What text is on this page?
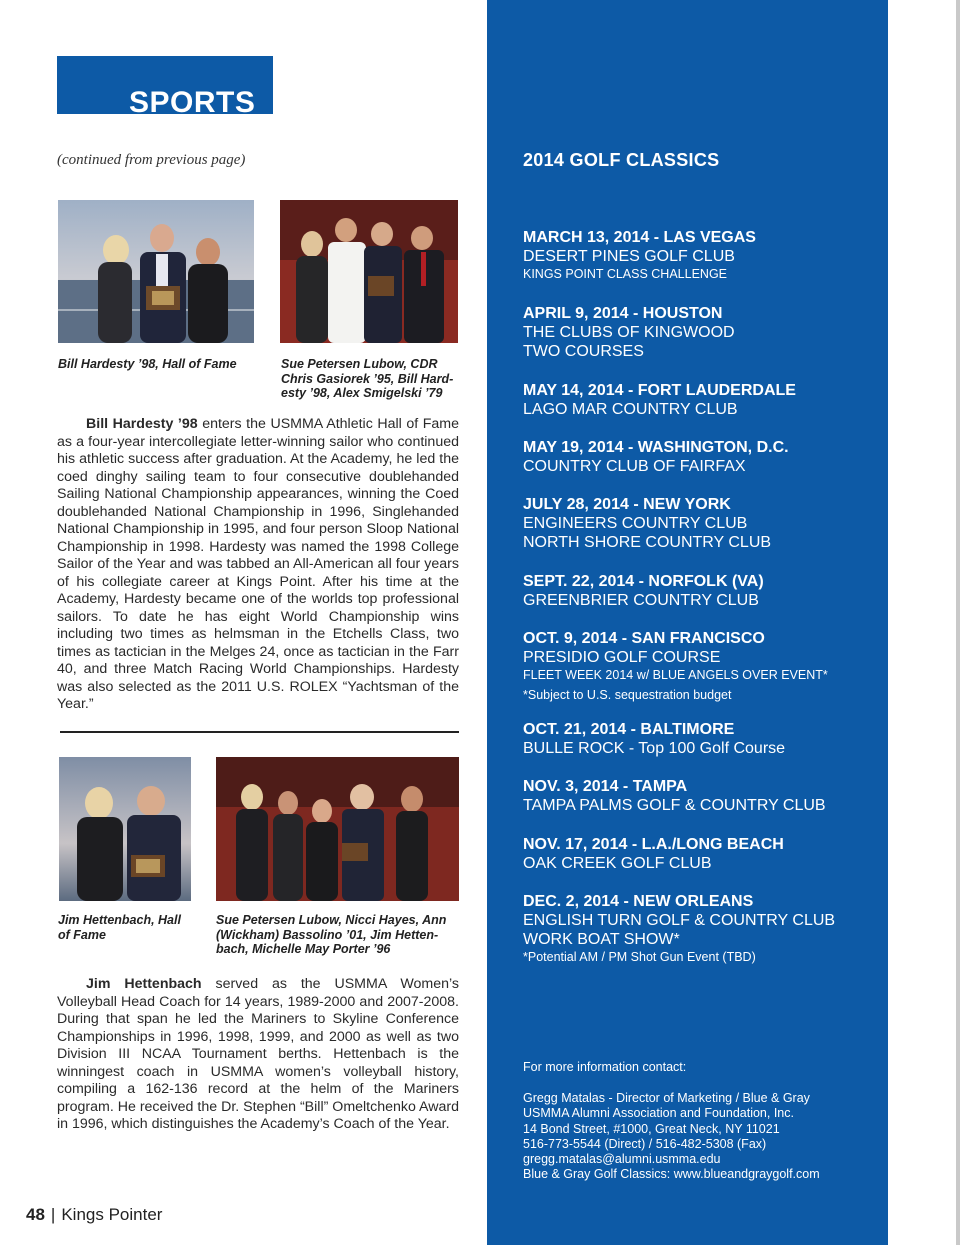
SPORTS
(continued from previous page)
Bill Hardesty ’98, Hall of Fame	Sue Petersen Lubow, CDR
Chris Gasiorek ’95, Bill Hard-
esty ’98, Alex Smigelski ’79
Bill Hardesty ’98 enters the USMMA Athletic Hall of Fame as a four-year intercollegiate letter-winning sailor who continued his athletic success after graduation. At the Academy, he led the coed dinghy sailing team to four consecutive doublehanded Sailing National Championship appearances, winning the Coed doublehanded National Championship in 1996, Singlehanded National Championship in 1995, and four person Sloop National Championship in 1998. Hardesty was named the 1998 College Sailor of the Year and was tabbed an All-American all four years of his collegiate career at Kings Point. After his time at the Academy, Hardesty became one of the worlds top professional sailors. To date he has eight World Championship wins including two times as helmsman in the Etchells Class, two times as tactician in the Melges 24, once as tactician in the Farr 40, and three Match Racing World Championships. Hardesty was also selected as the 2011 U.S. ROLEX “Yachtsman of the Year.”
Jim Hettenbach, Hall
of Fame
Sue Petersen Lubow, Nicci Hayes, Ann
(Wickham) Bassolino ’01, Jim Hetten-
bach, Michelle May Porter ’96
Jim Hettenbach served as the USMMA Women’s Volleyball Head Coach for 14 years, 1989-2000 and 2007-2008. During that span he led the Mariners to Skyline Conference Championships in 1996, 1998, 1999, and 2000 as well as two Division III NCAA Tournament berths. Hettenbach is the winningest coach in USMMA women’s volleyball history, compiling a 162-136 record at the helm of the Mariners program. He received the Dr. Stephen “Bill” Omeltchenko Award in 1996, which distinguishes the Academy’s Coach of the Year.
48 | Kings Pointer
2014 GOLF CLASSICS
MARCH 13, 2014 - LAS VEGAS
DESERT PINES GOLF CLUB
KINGS POINT CLASS CHALLENGE
APRIL 9, 2014 - HOUSTON
THE CLUBS OF KINGWOOD
TWO COURSES
MAY 14, 2014 - FORT LAUDERDALE
LAGO MAR COUNTRY CLUB
MAY 19, 2014 - WASHINGTON, D.C.
COUNTRY CLUB OF FAIRFAX
JULY 28, 2014 - NEW YORK
ENGINEERS COUNTRY CLUB
NORTH SHORE COUNTRY CLUB
SEPT. 22, 2014 - NORFOLK (VA)
GREENBRIER COUNTRY CLUB
OCT. 9, 2014 - SAN FRANCISCO
PRESIDIO GOLF COURSE
FLEET WEEK 2014 w/ BLUE ANGELS OVER EVENT*
*Subject to U.S. sequestration budget
OCT. 21, 2014 - BALTIMORE
BULLE ROCK - Top 100 Golf Course
NOV. 3, 2014 - TAMPA
TAMPA PALMS GOLF & COUNTRY CLUB
NOV. 17, 2014 - L.A./LONG BEACH
OAK CREEK GOLF CLUB
DEC. 2, 2014 - NEW ORLEANS
ENGLISH TURN GOLF & COUNTRY CLUB
WORK BOAT SHOW*
*Potential AM / PM Shot Gun Event (TBD)
For more information contact:
Gregg Matalas - Director of Marketing / Blue & Gray
USMMA Alumni Association and Foundation, Inc.
14 Bond Street, #1000, Great Neck, NY 11021
516-773-5544 (Direct) / 516-482-5308 (Fax)
gregg.matalas@alumni.usmma.edu
Blue & Gray Golf Classics: www.blueandgraygolf.com
